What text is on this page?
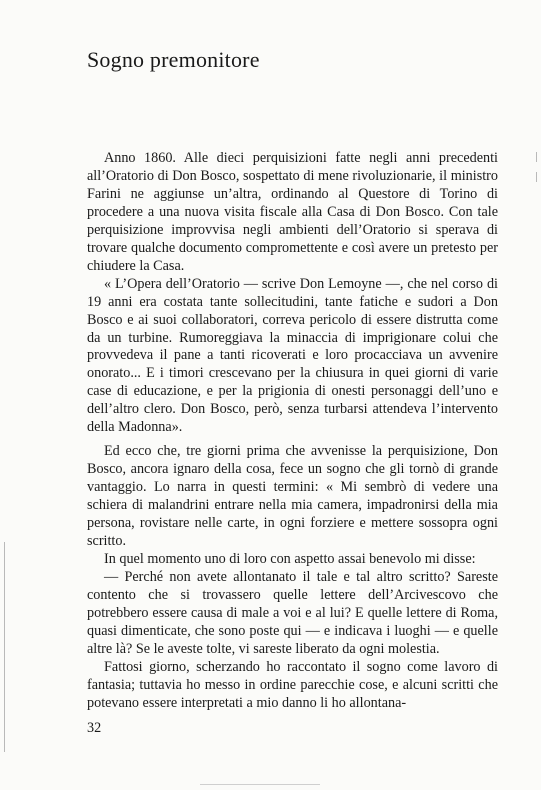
Sogno premonitore

Anno 1860. Alle dieci perquisizioni fatte negli anni precedenti all’Oratorio di Don Bosco, sospettato di mene rivoluzionarie, il ministro Farini ne aggiunse un’altra, ordinando al Questore di Torino di procedere a una nuova visita fiscale alla Casa di Don Bosco. Con tale perquisizione improvvisa negli ambienti dell’Oratorio si sperava di trovare qualche documento compromettente e così avere un pretesto per chiudere la Casa.

« L’Opera dell’Oratorio — scrive Don Lemoyne —, che nel corso di 19 anni era costata tante sollecitudini, tante fatiche e sudori a Don Bosco e ai suoi collaboratori, correva pericolo di essere distrutta come da un turbine. Rumoreggiava la minaccia di imprigionare colui che provvedeva il pane a tanti ricoverati e loro procacciava un avvenire onorato... E i timori crescevano per la chiusura in quei giorni di varie case di educazione, e per la prigionia di onesti personaggi dell’uno e dell’altro clero. Don Bosco, però, senza turbarsi attendeva l’intervento della Madonna».

Ed ecco che, tre giorni prima che avvenisse la perquisizione, Don Bosco, ancora ignaro della cosa, fece un sogno che gli tornò di grande vantaggio. Lo narra in questi termini: « Mi sembrò di vedere una schiera di malandrini entrare nella mia camera, impadronirsi della mia persona, rovistare nelle carte, in ogni forziere e mettere sossopra ogni scritto.

In quel momento uno di loro con aspetto assai benevolo mi disse:

— Perché non avete allontanato il tale e tal altro scritto? Sareste contento che si trovassero quelle lettere dell’Arcivescovo che potrebbero essere causa di male a voi e al lui? E quelle lettere di Roma, quasi dimenticate, che sono poste qui — e indicava i luoghi — e quelle altre là? Se le aveste tolte, vi sareste liberato da ogni molestia.

Fattosi giorno, scherzando ho raccontato il sogno come lavoro di fantasia; tuttavia ho messo in ordine parecchie cose, e alcuni scritti che potevano essere interpretati a mio danno li ho allontana-

32
